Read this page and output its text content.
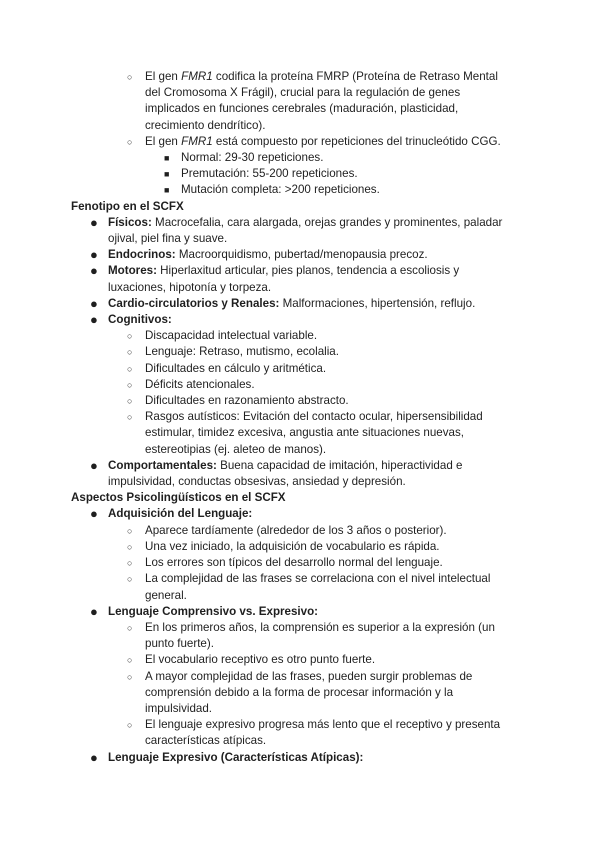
○ El gen FMR1 codifica la proteína FMRP (Proteína de Retraso Mental del Cromosoma X Frágil), crucial para la regulación de genes implicados en funciones cerebrales (maduración, plasticidad, crecimiento dendrítico).
○ El gen FMR1 está compuesto por repeticiones del trinucleótido CGG.
■ Normal: 29-30 repeticiones.
■ Premutación: 55-200 repeticiones.
■ Mutación completa: >200 repeticiones.
Fenotipo en el SCFX
● Físicos: Macrocefalia, cara alargada, orejas grandes y prominentes, paladar ojival, piel fina y suave.
● Endocrinos: Macroorquidismo, pubertad/menopausia precoz.
● Motores: Hiperlaxitud articular, pies planos, tendencia a escoliosis y luxaciones, hipotonía y torpeza.
● Cardio-circulatorios y Renales: Malformaciones, hipertensión, reflujo.
● Cognitivos:
○ Discapacidad intelectual variable.
○ Lenguaje: Retraso, mutismo, ecolalia.
○ Dificultades en cálculo y aritmética.
○ Déficits atencionales.
○ Dificultades en razonamiento abstracto.
○ Rasgos autísticos: Evitación del contacto ocular, hipersensibilidad estimular, timidez excesiva, angustia ante situaciones nuevas, estereotipias (ej. aleteo de manos).
● Comportamentales: Buena capacidad de imitación, hiperactividad e impulsividad, conductas obsesivas, ansiedad y depresión.
Aspectos Psicolingüísticos en el SCFX
● Adquisición del Lenguaje:
○ Aparece tardíamente (alrededor de los 3 años o posterior).
○ Una vez iniciado, la adquisición de vocabulario es rápida.
○ Los errores son típicos del desarrollo normal del lenguaje.
○ La complejidad de las frases se correlaciona con el nivel intelectual general.
● Lenguaje Comprensivo vs. Expresivo:
○ En los primeros años, la comprensión es superior a la expresión (un punto fuerte).
○ El vocabulario receptivo es otro punto fuerte.
○ A mayor complejidad de las frases, pueden surgir problemas de comprensión debido a la forma de procesar información y la impulsividad.
○ El lenguaje expresivo progresa más lento que el receptivo y presenta características atípicas.
● Lenguaje Expresivo (Características Atípicas):
